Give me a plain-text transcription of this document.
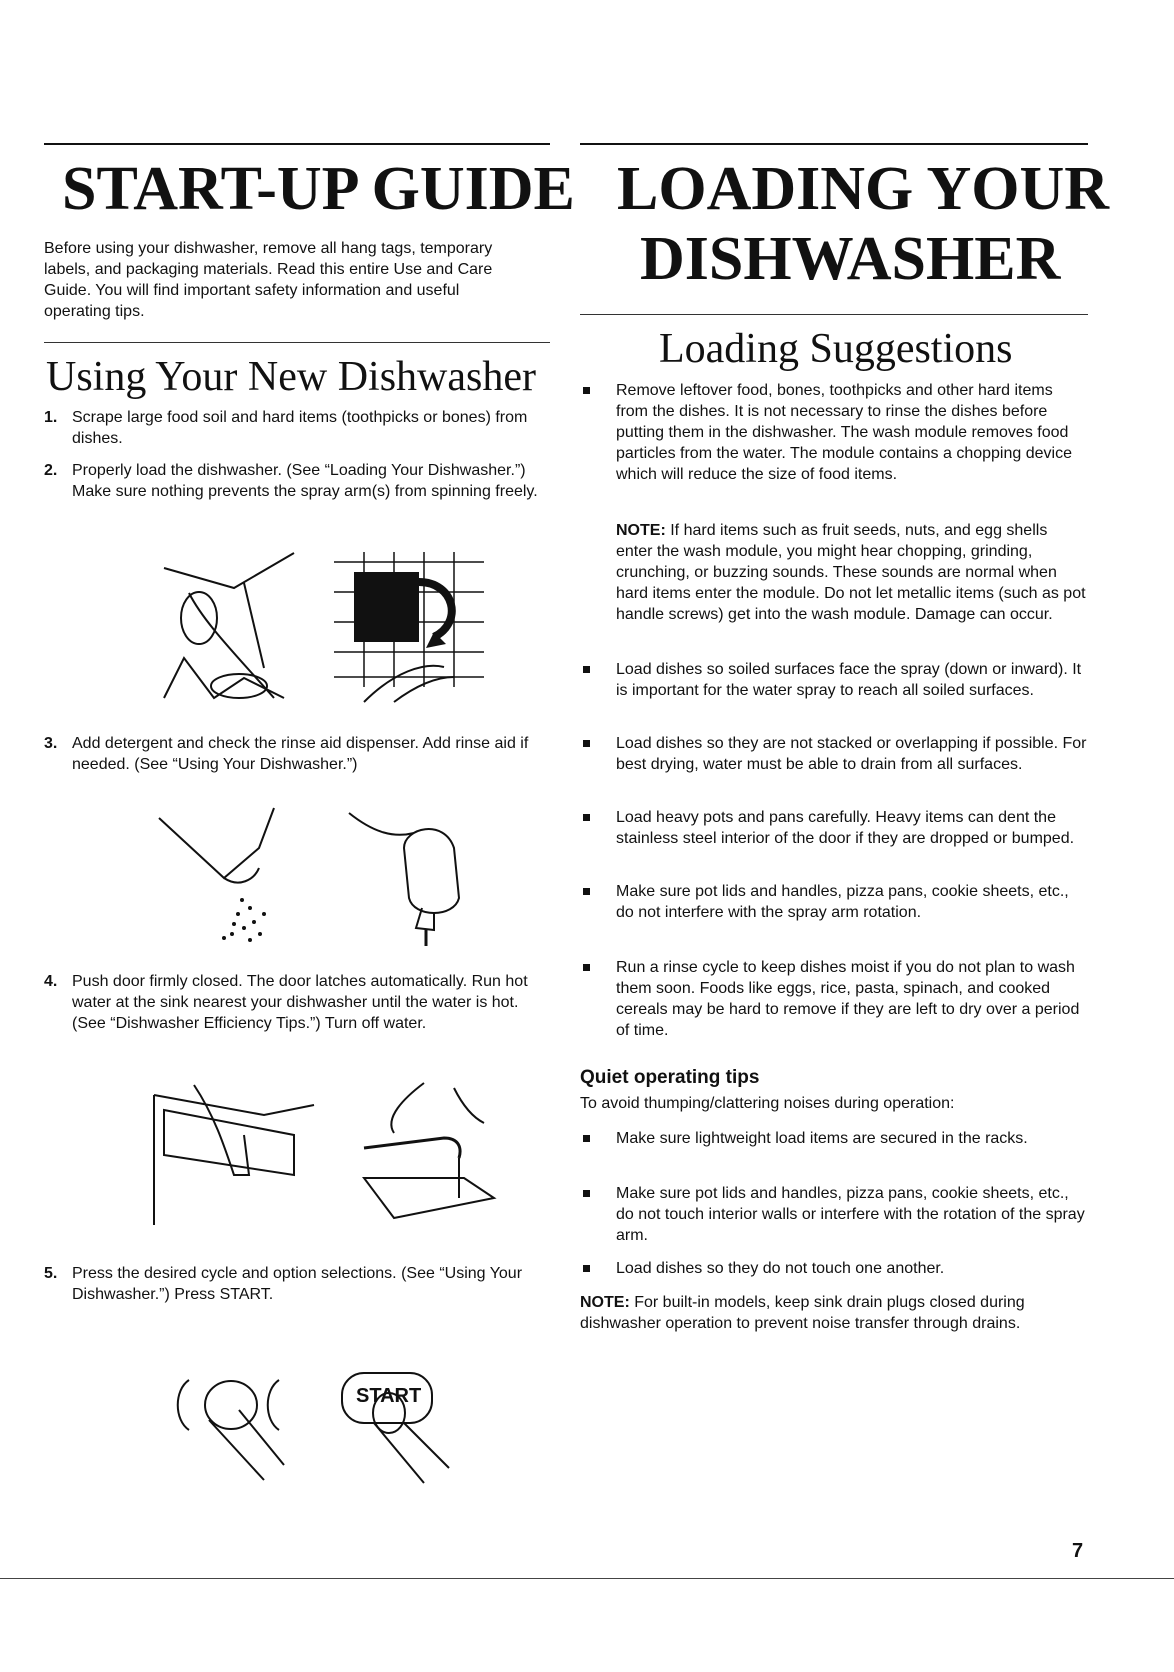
START-UP GUIDE

Before using your dishwasher, remove all hang tags, temporary labels, and packaging materials. Read this entire Use and Care Guide. You will find important safety information and useful operating tips.

Using Your New Dishwasher
1. Scrape large food soil and hard items (toothpicks or bones) from dishes.
2. Properly load the dishwasher. (See “Loading Your Dishwasher.”) Make sure nothing prevents the spray arm(s) from spinning freely.
3. Add detergent and check the rinse aid dispenser. Add rinse aid if needed. (See “Using Your Dishwasher.”)
4. Push door firmly closed. The door latches automatically. Run hot water at the sink nearest your dishwasher until the water is hot. (See “Dishwasher Efficiency Tips.”) Turn off water.
5. Press the desired cycle and option selections. (See “Using Your Dishwasher.”) Press START.
START
LOADING YOUR
DISHWASHER
Loading Suggestions
Remove leftover food, bones, toothpicks and other hard items from the dishes. It is not necessary to rinse the dishes before putting them in the dishwasher. The wash module removes food particles from the water. The module contains a chopping device which will reduce the size of food items.

NOTE: If hard items such as fruit seeds, nuts, and egg shells enter the wash module, you might hear chopping, grinding, crunching, or buzzing sounds. These sounds are normal when hard items enter the module. Do not let metallic items (such as pot handle screws) get into the wash module. Damage can occur.

Load dishes so soiled surfaces face the spray (down or inward). It is important for the water spray to reach all soiled surfaces.
Load dishes so they are not stacked or overlapping if possible. For best drying, water must be able to drain from all surfaces.
Load heavy pots and pans carefully. Heavy items can dent the stainless steel interior of the door if they are dropped or bumped.
Make sure pot lids and handles, pizza pans, cookie sheets, etc., do not interfere with the spray arm rotation.
Run a rinse cycle to keep dishes moist if you do not plan to wash them soon. Foods like eggs, rice, pasta, spinach, and cooked cereals may be hard to remove if they are left to dry over a period of time.
Quiet operating tips

To avoid thumping/clattering noises during operation:

Make sure lightweight load items are secured in the racks.
Make sure pot lids and handles, pizza pans, cookie sheets, etc., do not touch interior walls or interfere with the rotation of the spray arm.
Load dishes so they do not touch one another.

NOTE: For built-in models, keep sink drain plugs closed during dishwasher operation to prevent noise transfer through drains.

7
